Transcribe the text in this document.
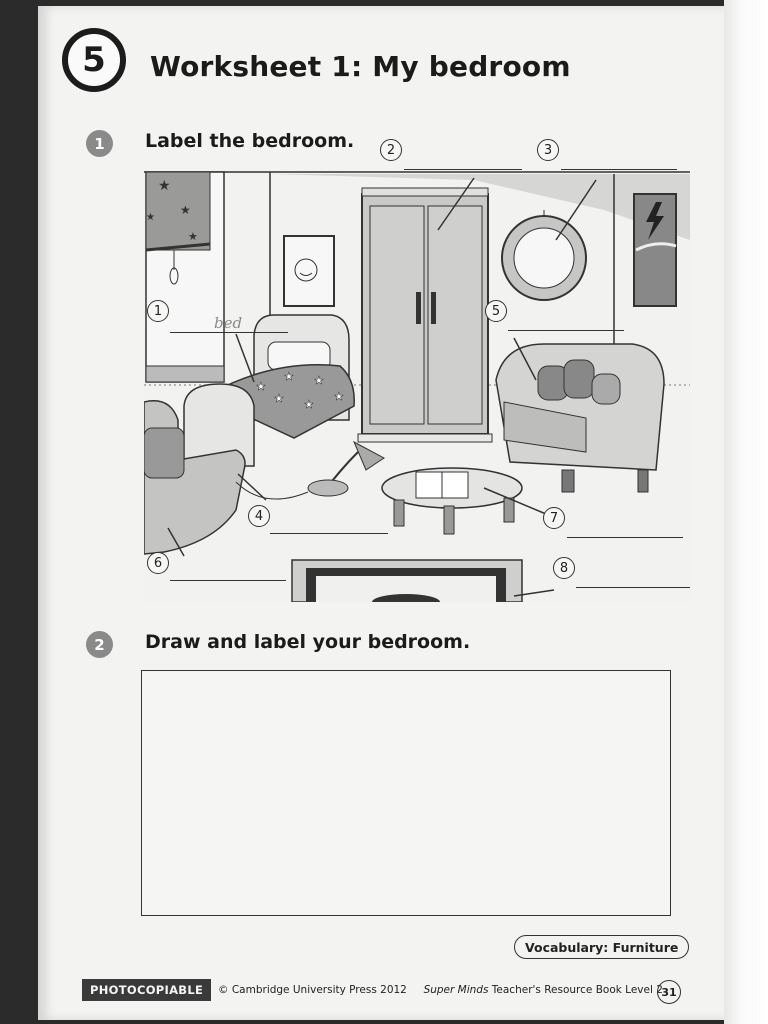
5	Worksheet 1: My bedroom
1	Label the bedroom.
★
★
★
★
★
★ ★
★ ★
★
1
bed
2	3
4
5
6
7
8
2	Draw and label your bedroom.
Vocabulary: Furniture
PHOTOCOPIABLE	© Cambridge University Press 2012 Super Minds Teacher's Resource Book Level 2
31
